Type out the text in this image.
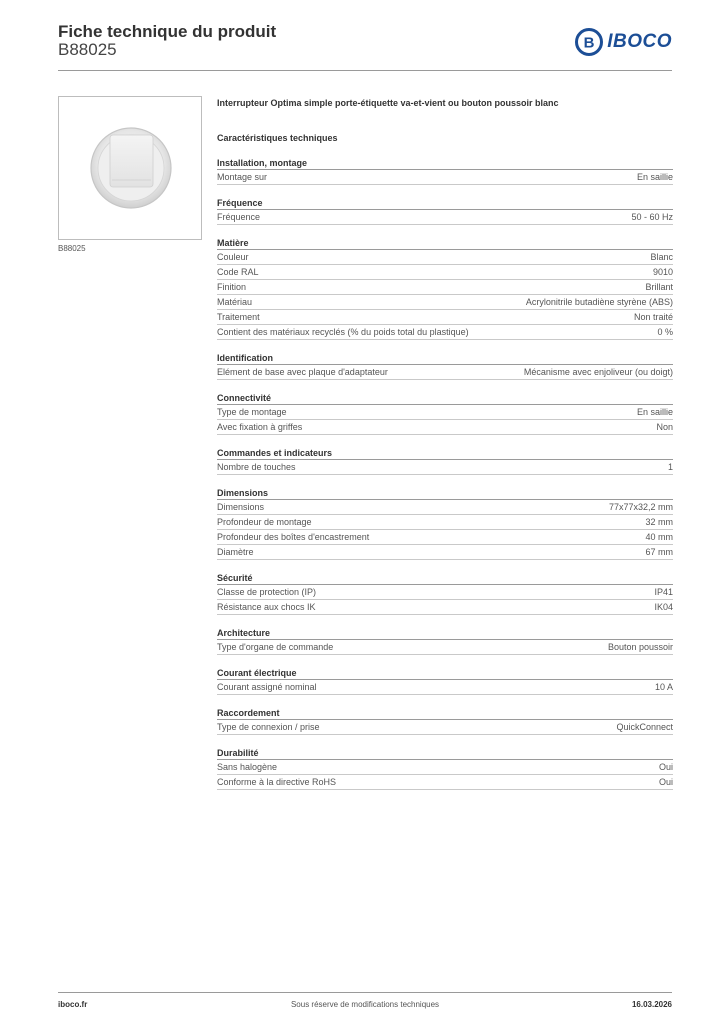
Fiche technique du produit
B88025	B IBOCO
B88025
Interrupteur Optima simple porte-étiquette va-et-vient ou bouton poussoir blanc
Caractéristiques techniques
Installation, montage
Montage sur	En saillie
Fréquence
Fréquence	50 - 60 Hz
Matière
Couleur	Blanc
Code RAL	9010
Finition	Brillant
Matériau	Acrylonitrile butadiène styrène (ABS)
Traitement	Non traité
Contient des matériaux recyclés (% du poids total du plastique)	0 %
Identification
Elément de base avec plaque d'adaptateur	Mécanisme avec enjoliveur (ou doigt)
Connectivité
Type de montage	En saillie
Avec fixation à griffes	Non
Commandes et indicateurs
Nombre de touches	1
Dimensions
Dimensions	77x77x32,2 mm
Profondeur de montage	32 mm
Profondeur des boîtes d'encastrement	40 mm
Diamètre	67 mm
Sécurité
Classe de protection (IP)	IP41
Résistance aux chocs IK	IK04
Architecture
Type d'organe de commande	Bouton poussoir
Courant électrique
Courant assigné nominal	10 A
Raccordement
Type de connexion / prise	QuickConnect
Durabilité
Sans halogène	Oui
Conforme à la directive RoHS	Oui
iboco.fr	Sous réserve de modifications techniques	16.03.2026
